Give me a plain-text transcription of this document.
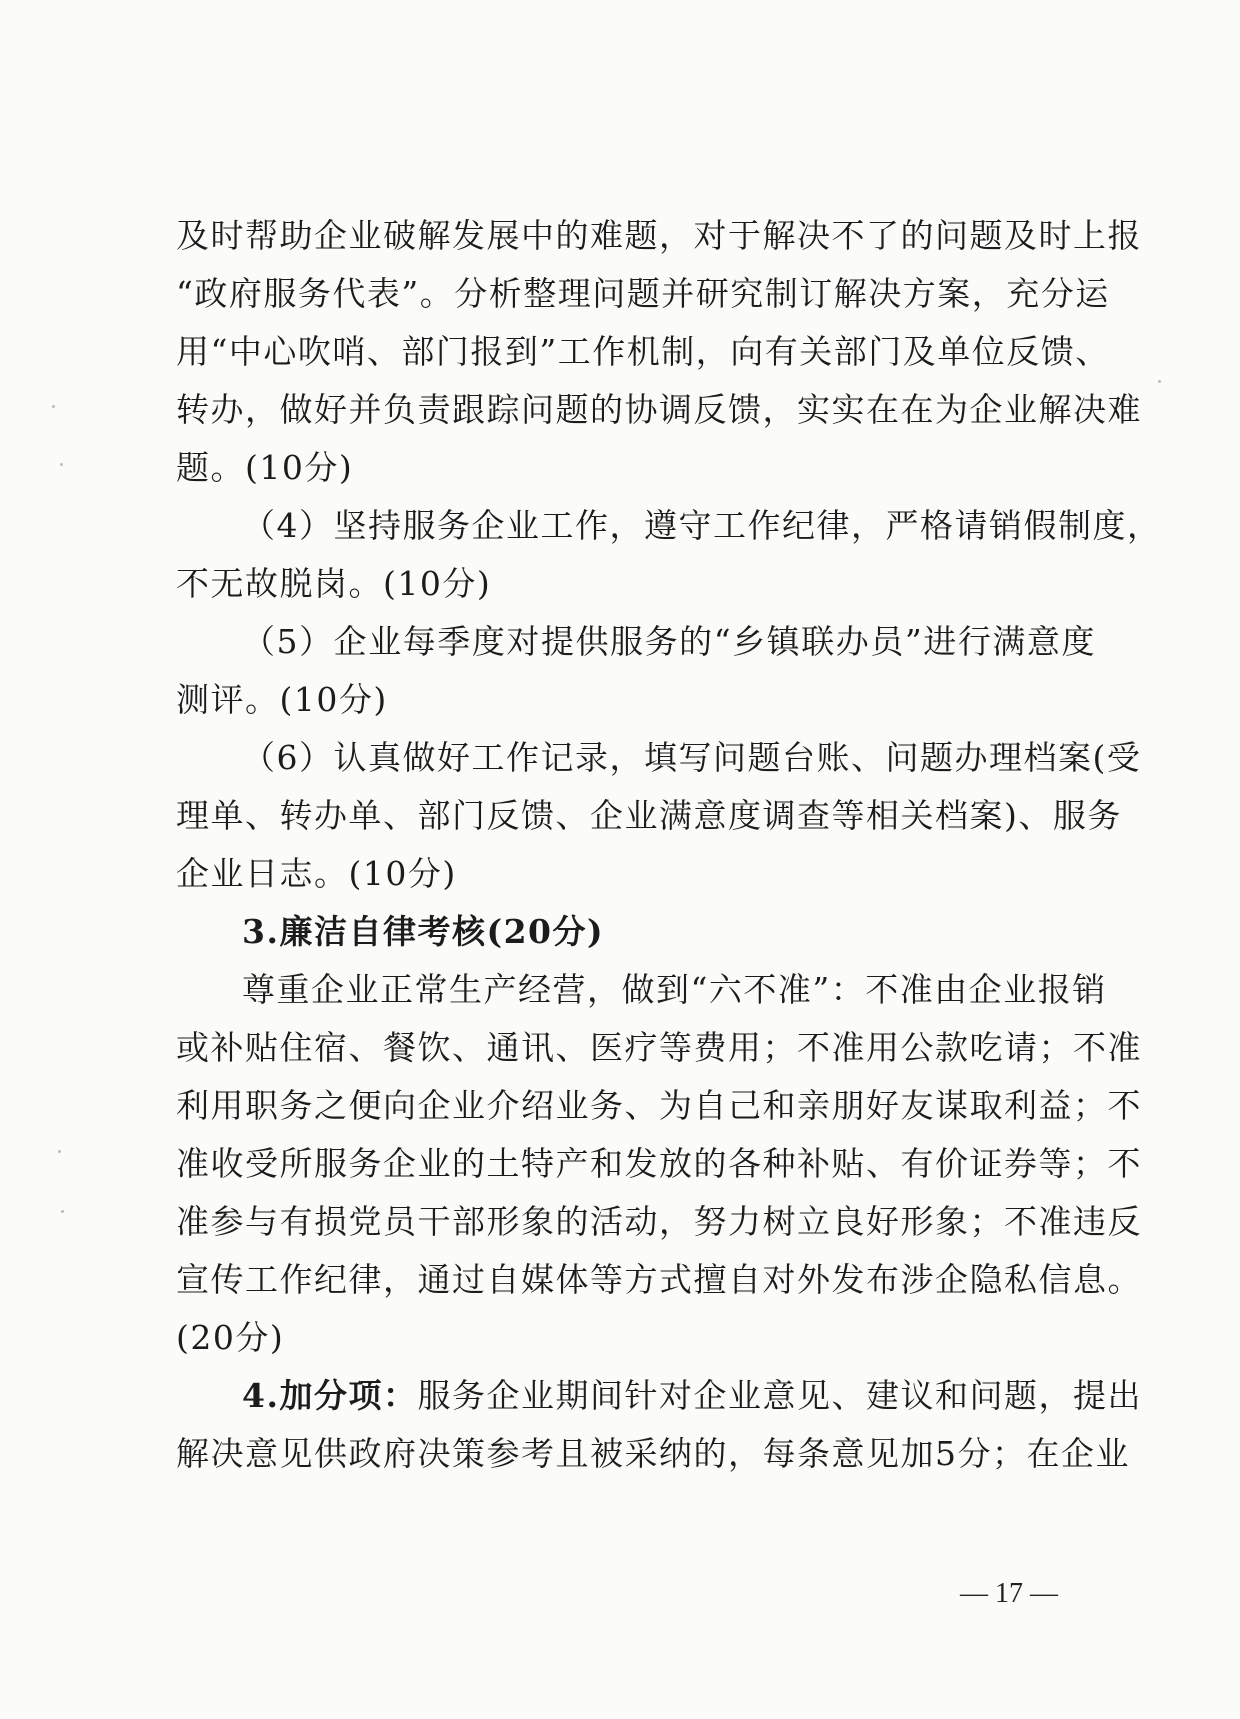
及时帮助企业破解发展中的难题，对于解决不了的问题及时上报
“政府服务代表”。分析整理问题并研究制订解决方案，充分运
用“中心吹哨、部门报到”工作机制，向有关部门及单位反馈、
转办，做好并负责跟踪问题的协调反馈，实实在在为企业解决难
题。(10分)
（4）坚持服务企业工作，遵守工作纪律，严格请销假制度，
不无故脱岗。(10分)
（5）企业每季度对提供服务的“乡镇联办员”进行满意度
测评。(10分)
（6）认真做好工作记录，填写问题台账、问题办理档案(受
理单、转办单、部门反馈、企业满意度调查等相关档案)、服务
企业日志。(10分)
3.廉洁自律考核(20分)
尊重企业正常生产经营，做到“六不准”：不准由企业报销
或补贴住宿、餐饮、通讯、医疗等费用；不准用公款吃请；不准
利用职务之便向企业介绍业务、为自己和亲朋好友谋取利益；不
准收受所服务企业的土特产和发放的各种补贴、有价证券等；不
准参与有损党员干部形象的活动，努力树立良好形象；不准违反
宣传工作纪律，通过自媒体等方式擅自对外发布涉企隐私信息。
(20分)
4.加分项：服务企业期间针对企业意见、建议和问题，提出
解决意见供政府决策参考且被采纳的，每条意见加5分；在企业
— 17 —
